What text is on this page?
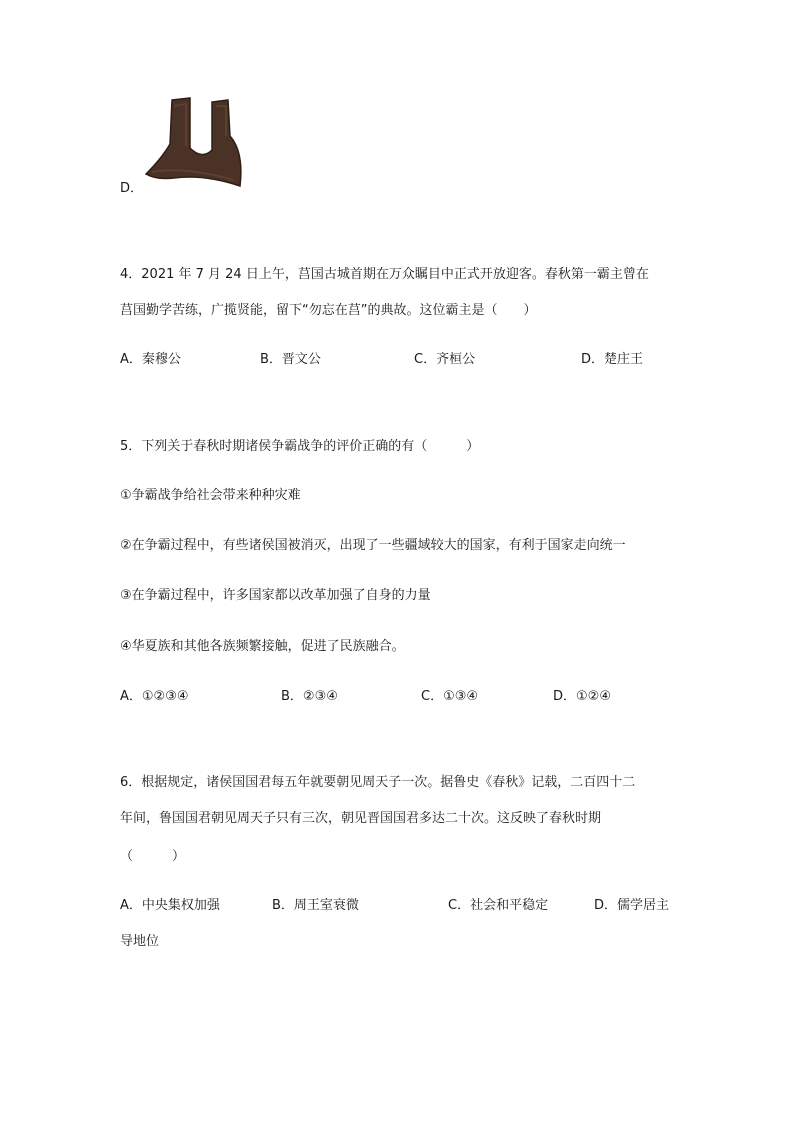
D．
4．2021 年 7 月 24 日上午，莒国古城首期在万众瞩目中正式开放迎客。春秋第一霸主曾在
莒国勤学苦练，广揽贤能，留下“勿忘在莒”的典故。这位霸主是（　　）
A．秦穆公	B．晋文公	C．齐桓公	D．楚庄王
5．下列关于春秋时期诸侯争霸战争的评价正确的有（　　　）
①争霸战争给社会带来种种灾难
②在争霸过程中，有些诸侯国被消灭，出现了一些疆域较大的国家，有利于国家走向统一
③在争霸过程中，许多国家都以改革加强了自身的力量
④华夏族和其他各族频繁接触，促进了民族融合。
A．①②③④	B．②③④	C．①③④	D．①②④
6．根据规定，诸侯国国君每五年就要朝见周天子一次。据鲁史《春秋》记载，二百四十二
年间，鲁国国君朝见周天子只有三次，朝见晋国国君多达二十次。这反映了春秋时期
（　　　）
A．中央集权加强	B．周王室衰微	C．社会和平稳定	D．儒学居主
导地位
